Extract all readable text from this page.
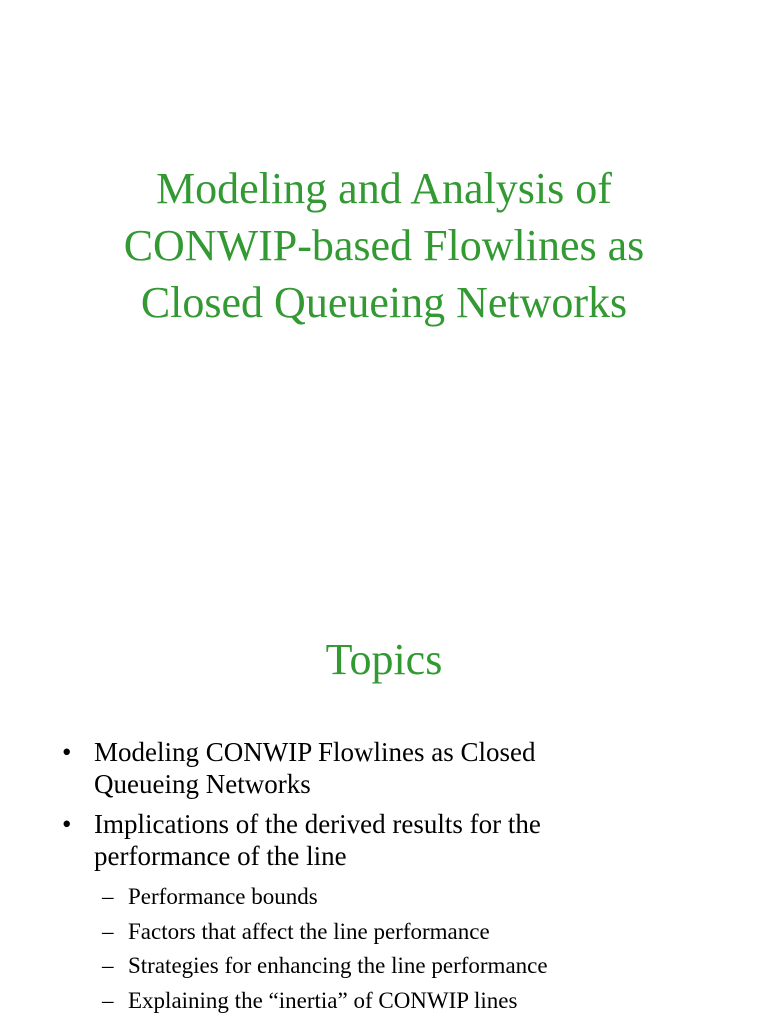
Modeling and Analysis of
CONWIP-based Flowlines as
Closed Queueing Networks
Topics
• Modeling CONWIP Flowlines as Closed
Queueing Networks
• Implications of the derived results for the
performance of the line
– Performance bounds
– Factors that affect the line performance
– Strategies for enhancing the line performance
– Explaining the “inertia” of CONWIP lines
